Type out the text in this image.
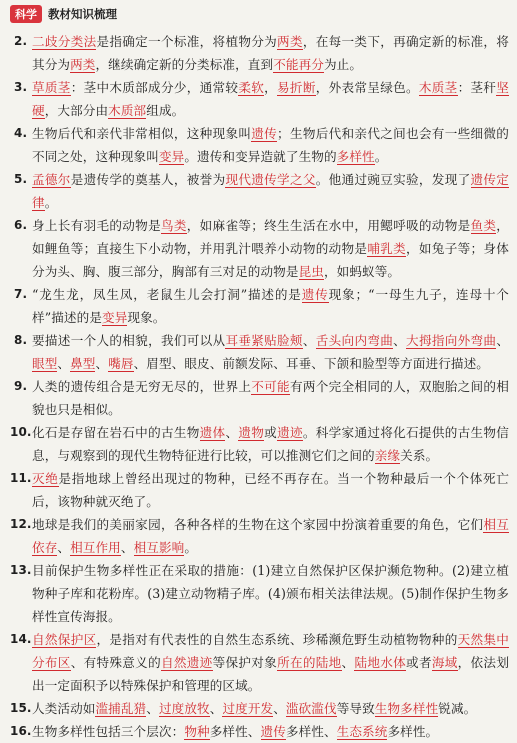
科学 教材知识梳理
2. 二歧分类法是指确定一个标准，将植物分为两类，在每一类下，再确定新的标准，将其分为两类，继续确定新的分类标准，直到不能再分为止。
3. 草质茎：茎中木质部成分少，通常较柔软，易折断，外表常呈绿色。木质茎：茎秆坚硬，大部分由木质部组成。
4. 生物后代和亲代非常相似，这种现象叫遗传；生物后代和亲代之间也会有一些细微的不同之处，这种现象叫变异。遗传和变异造就了生物的多样性。
5. 孟德尔是遗传学的奠基人，被誉为现代遗传学之父。他通过豌豆实验，发现了遗传定律。
6. 身上长有羽毛的动物是鸟类，如麻雀等；终生生活在水中，用鳃呼吸的动物是鱼类，如鲤鱼等；直接生下小动物，并用乳汁喂养小动物的动物是哺乳类，如兔子等；身体分为头、胸、腹三部分，胸部有三对足的动物是昆虫，如蚂蚁等。
7. “龙生龙，凤生凤，老鼠生儿会打洞”描述的是遗传现象；“一母生九子，连母十个样”描述的是变异现象。
8. 要描述一个人的相貌，我们可以从耳垂紧贴脸颊、舌头向内弯曲、大拇指向外弯曲、眼型、鼻型、嘴唇、眉型、眼皮、前额发际、耳垂、下颌和脸型等方面进行描述。
9. 人类的遗传组合是无穷无尽的，世界上不可能有两个完全相同的人，双胞胎之间的相貌也只是相似。
10. 化石是存留在岩石中的古生物遗体、遗物或遗迹。科学家通过将化石提供的古生物信息，与观察到的现代生物特征进行比较，可以推测它们之间的亲缘关系。
11. 灭绝是指地球上曾经出现过的物种，已经不再存在。当一个物种最后一个个体死亡后，该物种就灭绝了。
12. 地球是我们的美丽家园，各种各样的生物在这个家园中扮演着重要的角色，它们相互依存、相互作用、相互影响。
13. 目前保护生物多样性正在采取的措施：(1)建立自然保护区保护濒危物种。(2)建立植物种子库和花粉库。(3)建立动物精子库。(4)颁布相关法律法规。(5)制作保护生物多样性宣传海报。
14. 自然保护区，是指对有代表性的自然生态系统、珍稀濒危野生动植物物种的天然集中分布区、有特殊意义的自然遗迹等保护对象所在的陆地、陆地水体或者海域，依法划出一定面积予以特殊保护和管理的区域。
15. 人类活动如滥捕乱猎、过度放牧、过度开发、滥砍滥伐等导致生物多样性锐减。
16. 生物多样性包括三个层次：物种多样性、遗传多样性、生态系统多样性。
